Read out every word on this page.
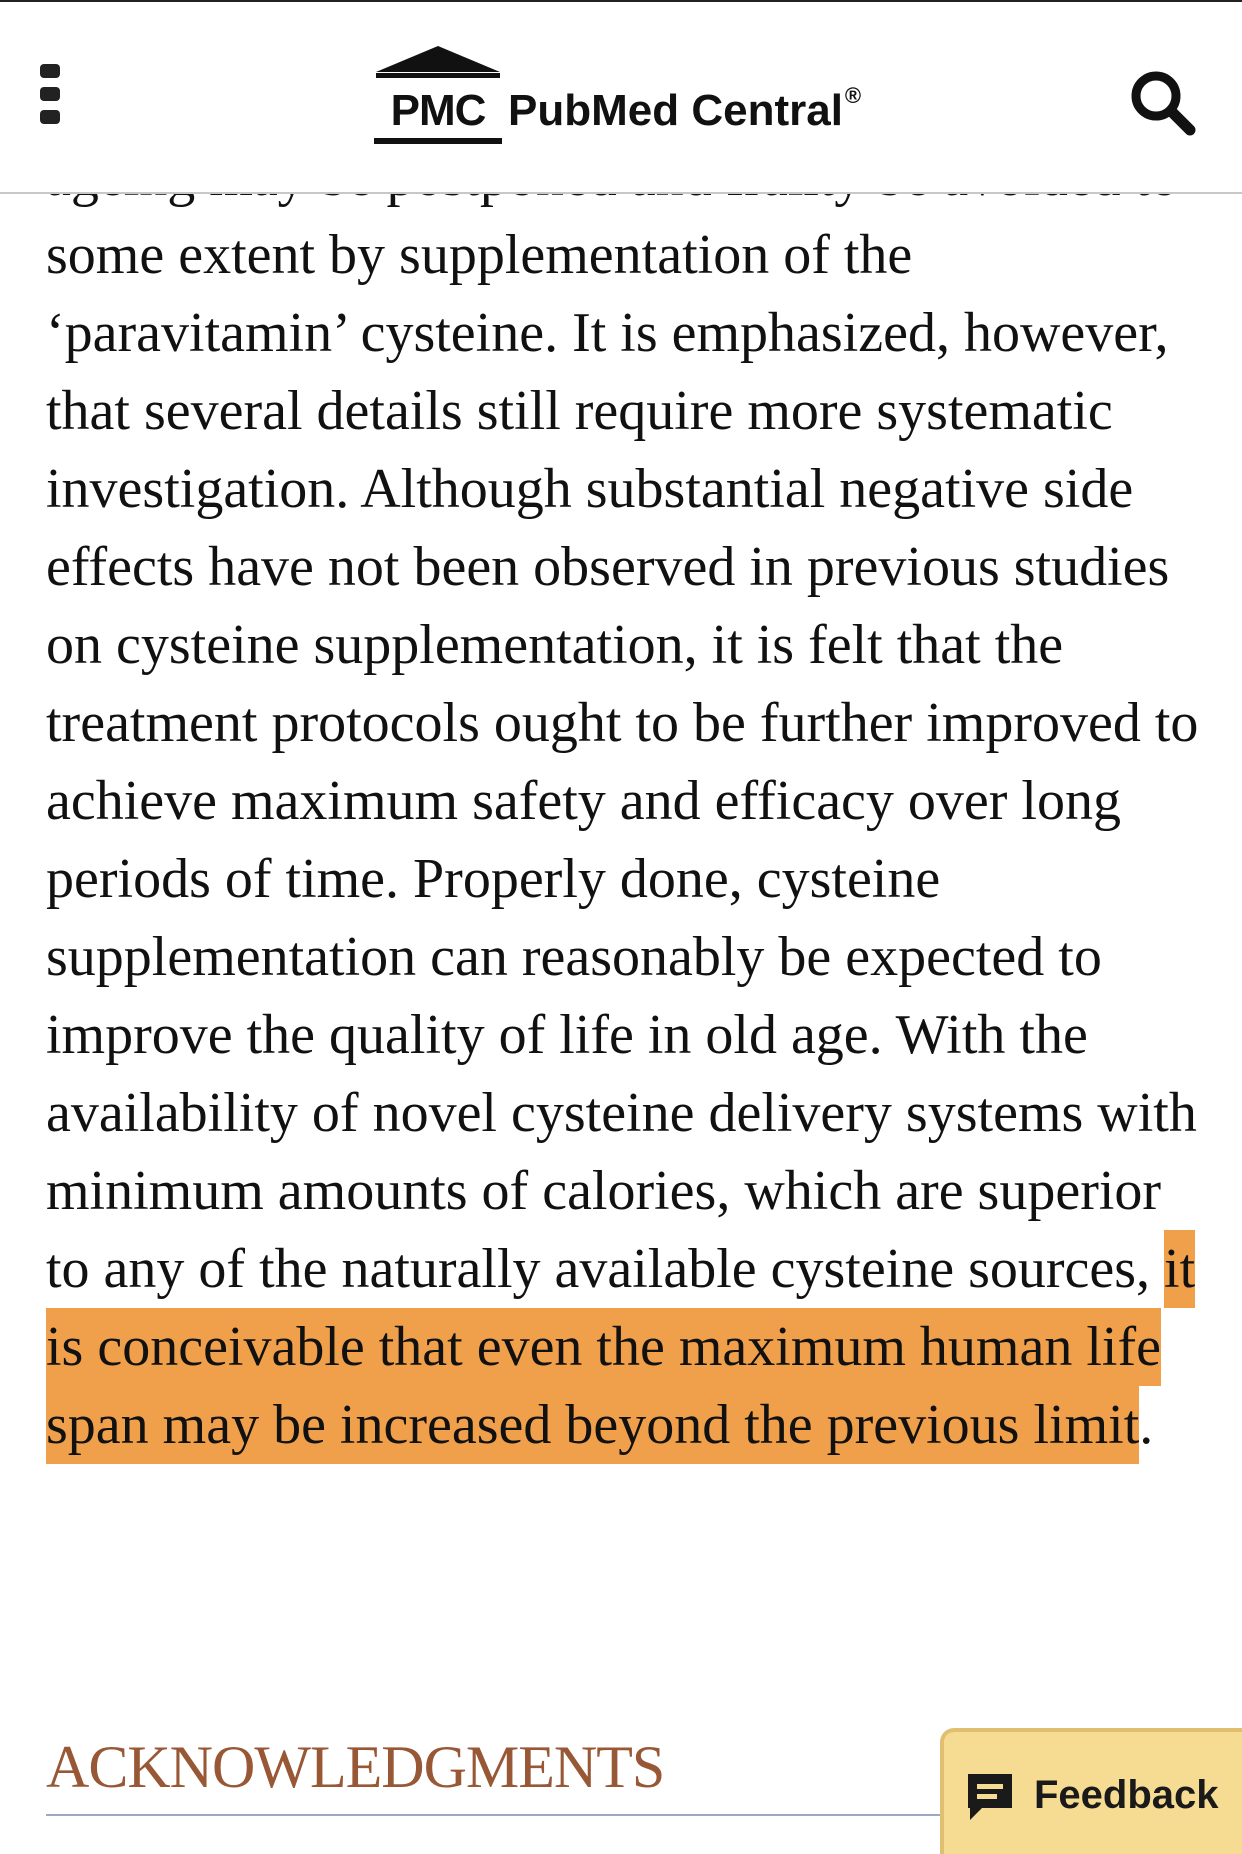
some extent by supplementation of the ‘paravitamin’ cysteine. It is emphasized, however, that several details still require more systematic investigation. Although substantial negative side effects have not been observed in previous studies on cysteine supplementation, it is felt that the treatment protocols ought to be further improved to achieve maximum safety and efficacy over long periods of time. Properly done, cysteine supplementation can reasonably be expected to improve the quality of life in old age. With the availability of novel cysteine delivery systems with minimum amounts of calories, which are superior to any of the naturally available cysteine sources, it is conceivable that even the maximum human life span may be increased beyond the previous limit.

ACKNOWLEDGMENTS
PMC PubMed Central®
Feedback
